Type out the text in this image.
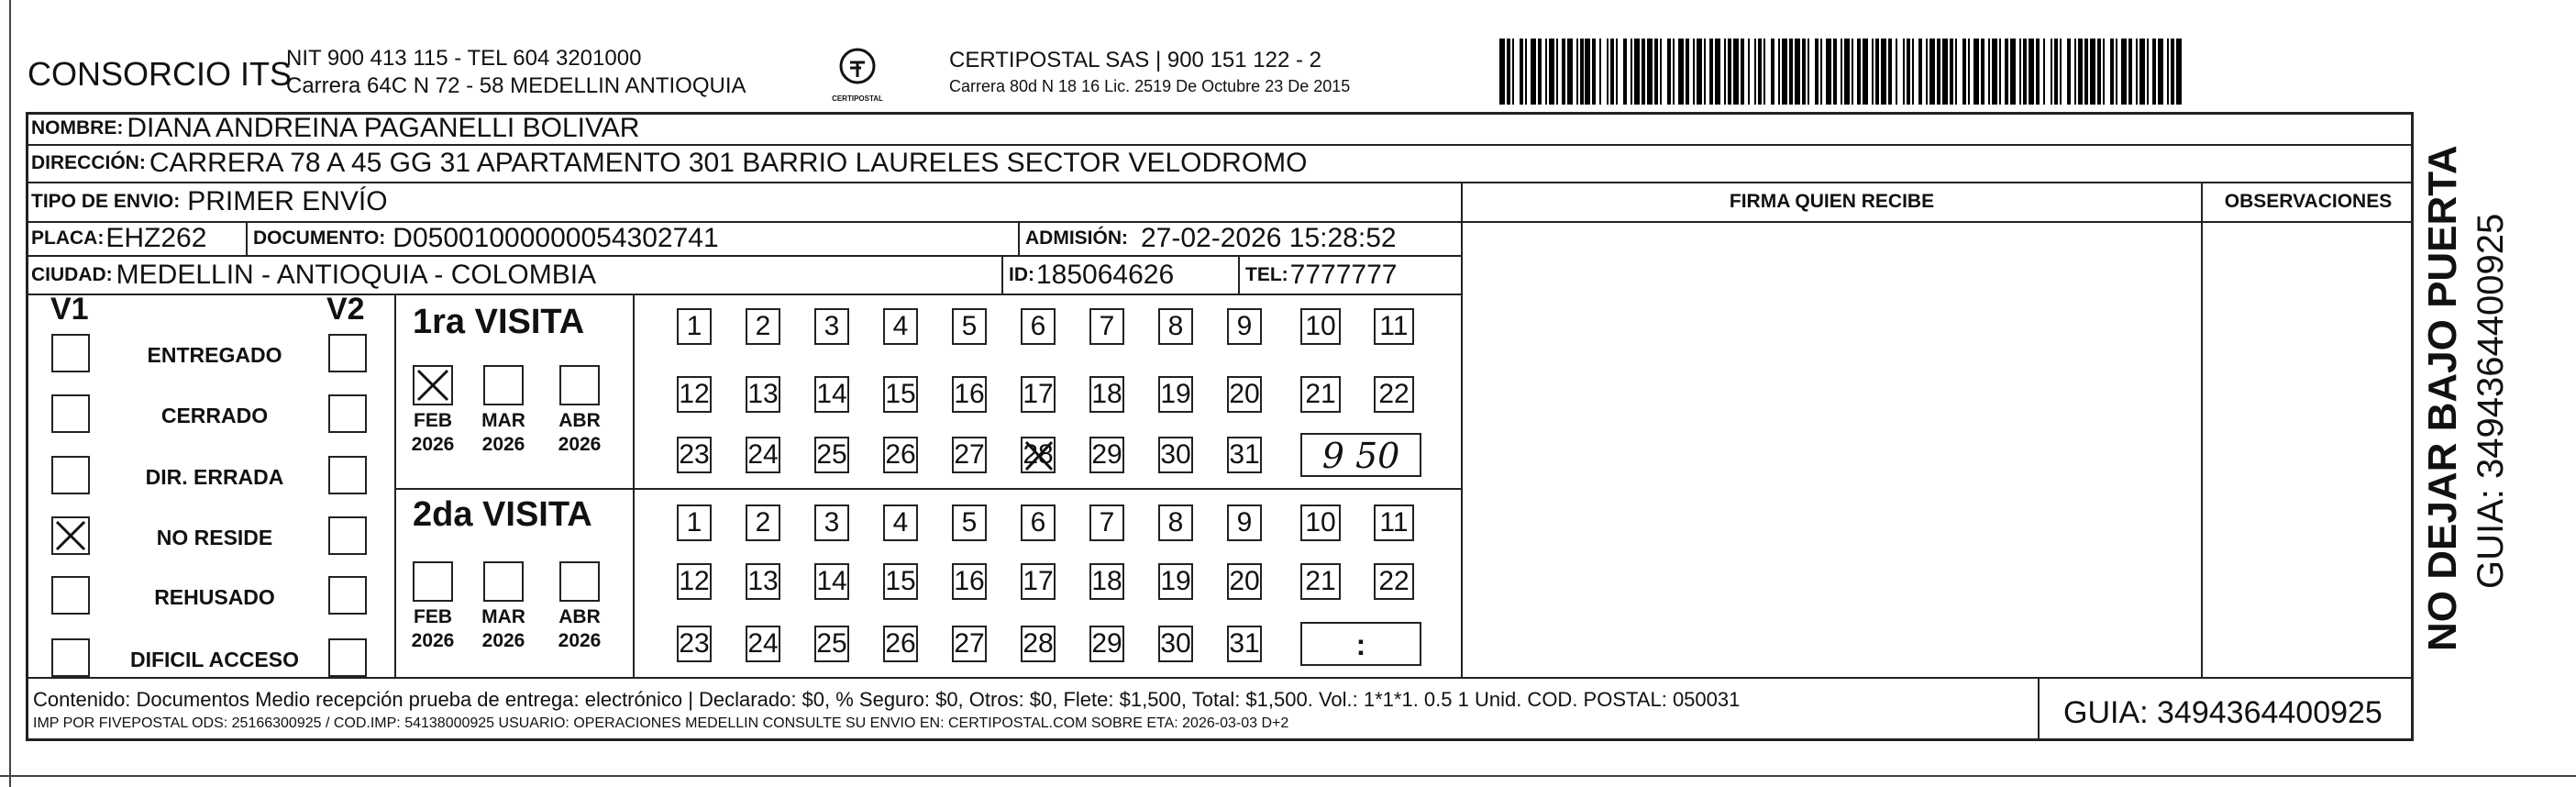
CONSORCIO ITS
NIT 900 413 115 - TEL 604 3201000
Carrera 64C N 72 - 58 MEDELLIN ANTIOQUIA
CERTIPOSTAL
CERTIPOSTAL SAS | 900 151 122 - 2
Carrera 80d N 18 16 Lic. 2519 De Octubre 23 De 2015
NOMBRE: DIANA ANDREINA PAGANELLI BOLIVAR
DIRECCIÓN: CARRERA 78 A 45 GG 31 APARTAMENTO 301 BARRIO LAURELES SECTOR VELODROMO
TIPO DE ENVIO: PRIMER ENVÍO	FIRMA QUIEN RECIBE	OBSERVACIONES
PLACA: EHZ262 DOCUMENTO: D05001000000054302741	ADMISIÓN: 27-02-2026 15:28:52
CIUDAD: MEDELLIN - ANTIOQUIA - COLOMBIA	ID: 185064626	TEL: 7777777
V1	V2
ENTREGADO
CERRADO
DIR. ERRADA
NO RESIDE
REHUSADO
DIFICIL ACCESO
1ra VISITA
2da VISITA
FEB
2026
MAR
2026
ABR
2026
FEB
2026
MAR
2026
ABR
2026
1 2 3 4 5 6 7 8 9 10 11
12 13 14 15 16 17 18 19 20 21 22
23 24 25 26 27 28 29 30 31
1 2 3 4 5 6 7 8 9 10 11
12 13 14 15 16 17 18 19 20 21 22
23 24 25 26 27 28 29 30 31
9 50
:
Contenido: Documentos Medio recepción prueba de entrega: electrónico | Declarado: $0, % Seguro: $0, Otros: $0, Flete: $1,500, Total: $1,500. Vol.: 1*1*1. 0.5 1 Unid. COD. POSTAL: 050031
IMP POR FIVEPOSTAL ODS: 25166300925 / COD.IMP: 54138000925 USUARIO: OPERACIONES MEDELLIN CONSULTE SU ENVIO EN: CERTIPOSTAL.COM SOBRE ETA: 2026-03-03 D+2	GUIA: 3494364400925
NO DEJAR BAJO PUERTA GUIA: 3494364400925
